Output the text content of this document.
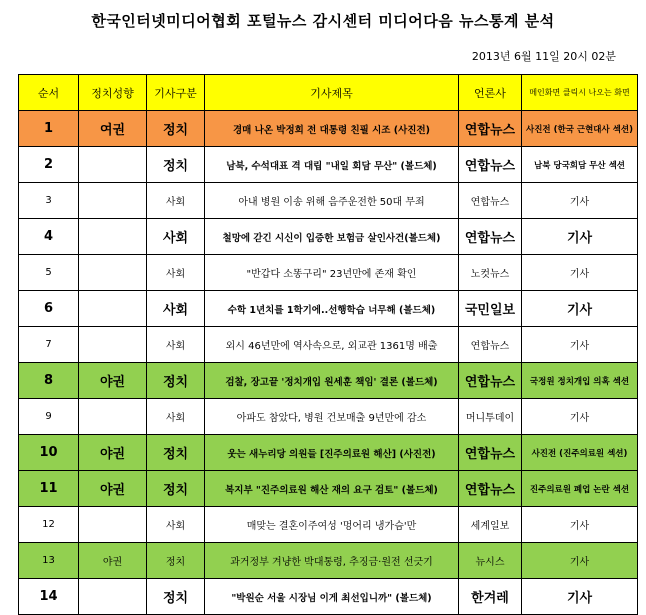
한국인터넷미디어협회 포털뉴스 감시센터 미디어다음 뉴스통계 분석
2013년 6월 11일 20시 02분
순서	정치성향	기사구분	기사제목	언론사	메인화면 클릭시 나오는 화면
1	여권	정치	경매 나온 박정희 전 대통령 친필 시조 (사진전)	연합뉴스	사진전 (한국 근현대사 섹션)
2		정치	남북, 수석대표 격 대립 "내일 회담 무산" (볼드체)	연합뉴스	남북 당국회담 무산 섹션
3		사회	아내 병원 이송 위해 음주운전한 50대 무죄	연합뉴스	기사
4		사회	철망에 갇긴 시신이 입증한 보험금 살인사건(볼드체)	연합뉴스	기사
5		사회	"반갑다 소똥구리" 23년만에 존재 확인	노컷뉴스	기사
6		사회	수학 1년치를 1학기에..선행학습 너무해 (볼드체)	국민일보	기사
7		사회	외시 46년만에 역사속으로, 외교관 1361명 배출	연합뉴스	기사
8	야권	정치	검찰, 장고끝 '정치개입 원세훈 책임' 결론 (볼드체)	연합뉴스	국정원 정치개입 의혹 섹션
9		사회	아파도 참았다, 병원 건보매출 9년만에 감소	머니투데이	기사
10	야권	정치	웃는 새누리당 의원들 [진주의료원 해산] (사진전)	연합뉴스	사진전 (진주의료원 섹션)
11	야권	정치	복지부 "진주의료원 해산 재의 요구 검토" (볼드체)	연합뉴스	진주의료원 폐업 논란 섹션
12		사회	매맞는 결혼이주여성 '멍어리 냉가슴'만	세계일보	기사
13	야권	정치	과거정부 겨냥한 박대통령, 추징금·원전 선긋기	뉴시스	기사
14		정치	"박원순 서울 시장님 이게 최선입니까" (볼드체)	한겨레	기사
